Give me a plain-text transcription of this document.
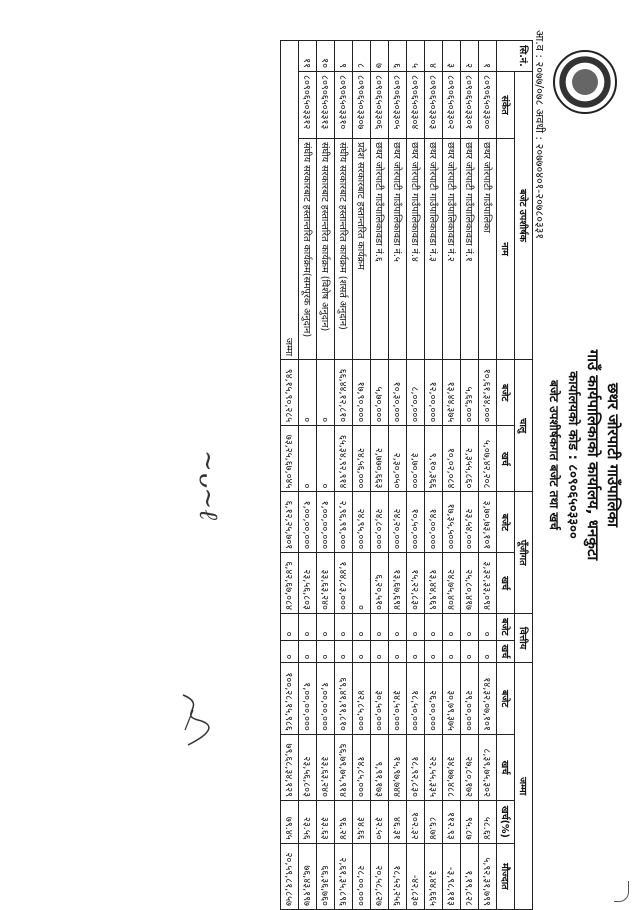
छथर जोरपाटी गाउँपालिका
गाउँ कार्यपालिकाको कार्यालय, धनकुटा
कार्यालयको कोड : ८०९०६५०३३००
बजेट उपशीर्षकगत बजेट तथा खर्च
आ.व : २०७७/०७८ अवधी : २०७७०४०१-२०७८०३३१
सि.नं.	बजेट उपशीर्षक		चालु		पूँजीगत		वित्तीय		जम्मा			
	संकेत	नाम	बजेट	खर्च	बजेट	खर्च	बजेट	खर्च	बजेट	खर्च	खर्च(%)	मौज्दात
१	८०९०६५०३३००	छथर जोरपाटी गाउँपालिका	१०,६१,३४,०००	५,०७,४२,२०८	३,७०,७३,१०१	३,३२,३३,०९४	०	०	१४,३२,०७,१०१	८,३९,७५,३०२	५८.६४	५,९२,३१,७९९
२	८०९०६५०३३०१	छथर जोरपाटी गाउँपालिकावडा नं.१	५,६६,०००	२,३५५,८६०	२३,५४,०००	२५,८०,४१७	०	०	२९,००,०००	२७,८०,१७२	९५.८७	१,१९,८२८
३	८०९०६५०३३०२	छथर जोरपाटी गाउँपालिकावडा नं.२	१३,४४,३७५	१०,०२,०८४	१७,३५,५०००	२४,७५,४०४	०	०	३०,७९,३७५	३४,७७,४८८	११२.९३	-३,९८,११३
४	८०९०६५०३३०३	छथर जोरपाटी गाउँपालिकावडा नं.३	१२,००,०००	९,१०,३६६	१४,००,०००	१३,४४,९६९	०	०	२६,००,०००	२२,५५,३३५	८६.७४	३,४४,६६५
५	८०९०६५०३३०४	छथर जोरपाटी गाउँपालिकावडा नं.४	८,००,०००	३,७०,०००	१०,५०,०००	१५,२२,८३०	०	०	१८,५०,०००	१८,९२,८३०	१०२.३२	-४२,८३०
६	८०९०६५०३३०५	छथर जोरपाटी गाउँपालिकावडा नं.५	१०,३०,०००	२,३०,०५०	२४,२०,०००	१३,६७,६९४	०	०	३४,५०,०००	१५,९७,७४४	४६.३१	१८,५२,२५६
७	८०९०६५०३३०६	छथर जोरपाटी गाउँपालिकावडा नं.६	५,७०,०००	२,७७०,६६३	२४,८०,०००	६,२०,५१०	०	०	३०,५०,०००	९,९१,१७३	३२.५०	२०,५८,८२७
८	८०९०६५०३३०७	प्रदेश सरकारबाट हस्तान्तरित कार्यक्रम	१७,९०,०००	२४,५६,०००	२४,९५,०००	०	०	०	४२,८५,०००	१४,८५,०००	३४.६६	२८,००,०००
९	८०९०६५०३३१०	संघीय सरकारबाट हस्तान्तरित कार्यक्रम (शसर्त अनुदान)	६६,४४,१२,८१०	६५,३४,९२,९१४	२,९६,९९,०००	१,४४,८३,०००	०	०	६९,४१,११,८१०	६६,७९,७५,९१४	९६.२४	२,६१,३५,८९६
१०	८०९०६५०३३१३	संघीय सरकारबाट हस्तान्तरित कार्यक्रम (विशेष अनुदान)	०	०	१,००,००,०००	३३,६३,२४०	०	०	१,००,००,०००	३३,६३,२४०	३३.६३	६६,३६,७६०
११	८०९०६५०३३१२	संघीय सरकारबाट हस्तान्तरित कार्यक्रम(समपूरक अनुदान)	०	०	१,००,००,०००	२३,५६,८०३	०	०	१,००,००,०००	२३,५६,८०३	२३.५६	७६,४३,१९७
जम्मा			९४,१५,९०,२८५	७३,२५,६७,०४५	६,१२,२५,७०१	६,४२,६७,०८४	०	०	१००,२८,१५,९८६	७९,६८,३४,१२९	७९.४५	२०,५९,८१,८५७
~ᴗ~ℓ
